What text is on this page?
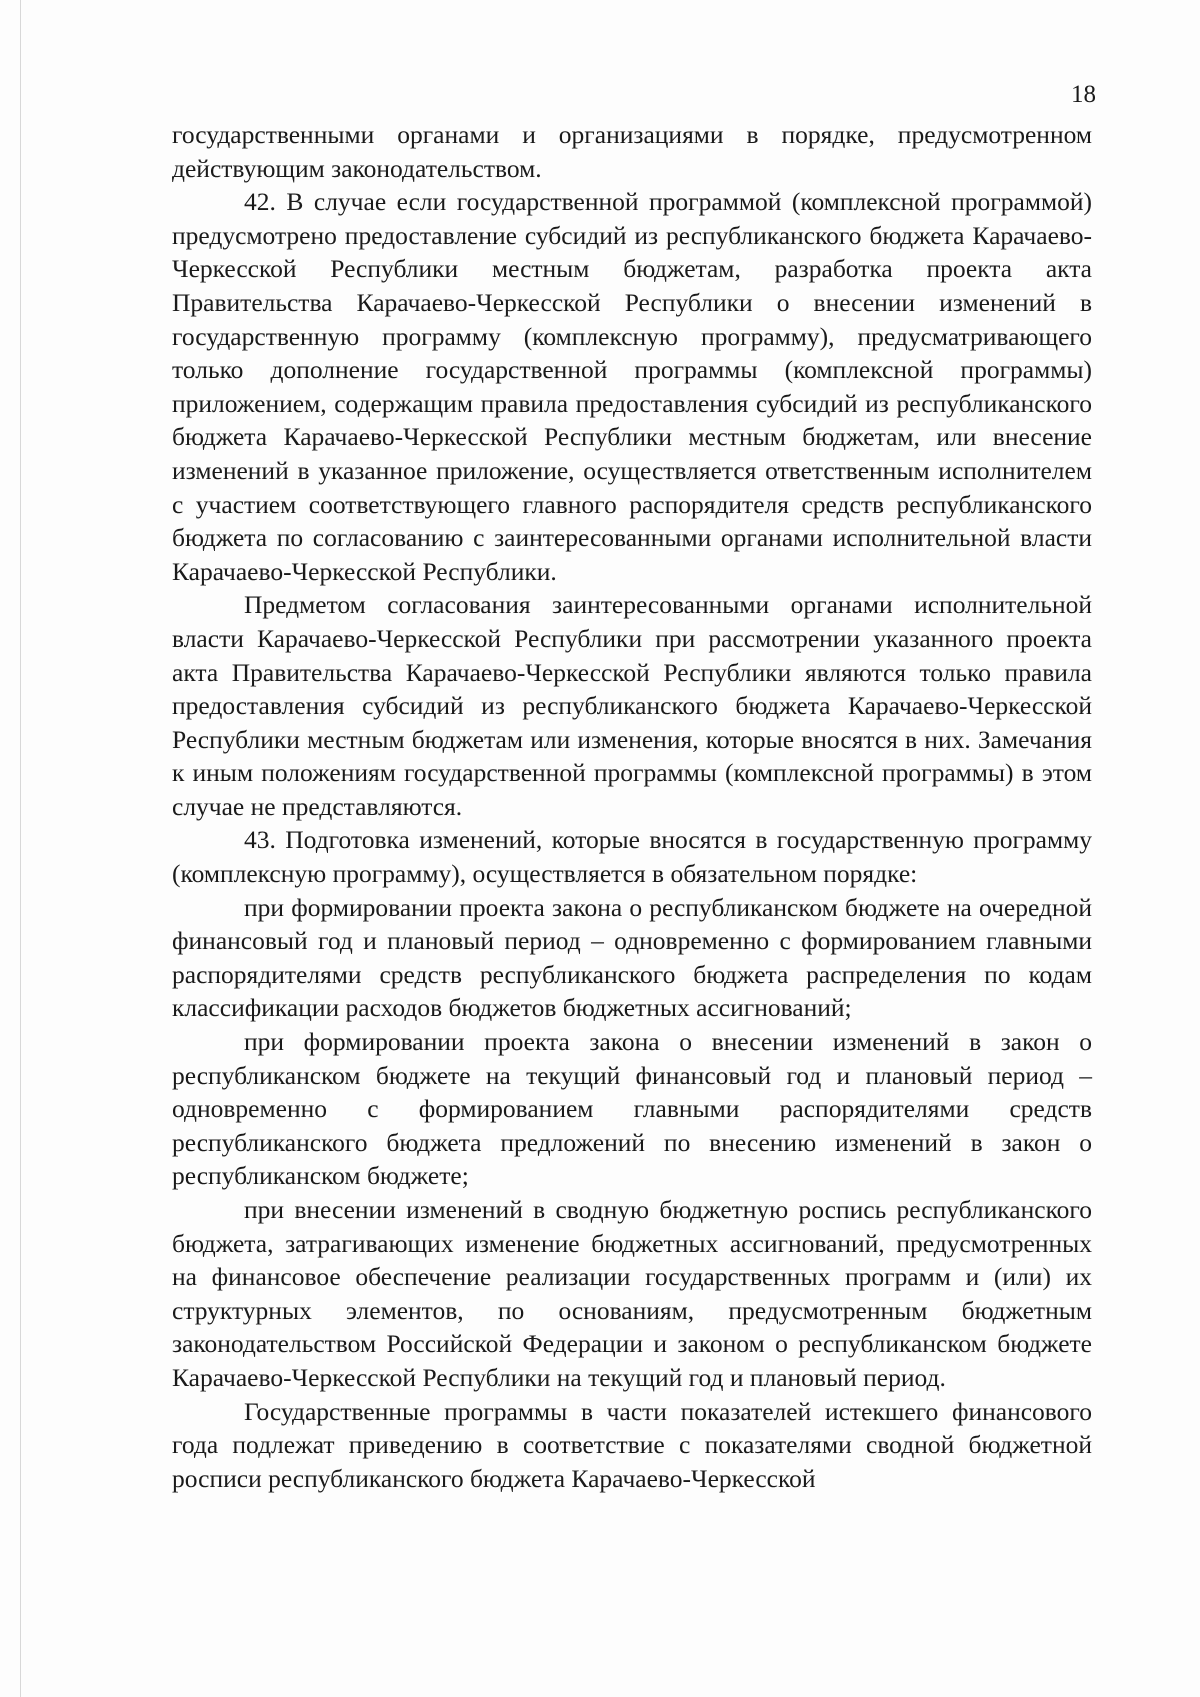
18

государственными органами и организациями в порядке, предусмотренном действующим законодательством.

42. В случае если государственной программой (комплексной программой) предусмотрено предоставление субсидий из республиканского бюджета Карачаево-Черкесской Республики местным бюджетам, разработка проекта акта Правительства Карачаево-Черкесской Республики о внесении изменений в государственную программу (комплексную программу), предусматривающего только дополнение государственной программы (комплексной программы) приложением, содержащим правила предоставления субсидий из республиканского бюджета Карачаево-Черкесской Республики местным бюджетам, или внесение изменений в указанное приложение, осуществляется ответственным исполнителем с участием соответствующего главного распорядителя средств республиканского бюджета по согласованию с заинтересованными органами исполнительной власти Карачаево-Черкесской Республики.

Предметом согласования заинтересованными органами исполнительной власти Карачаево-Черкесской Республики при рассмотрении указанного проекта акта Правительства Карачаево-Черкесской Республики являются только правила предоставления субсидий из республиканского бюджета Карачаево-Черкесской Республики местным бюджетам или изменения, которые вносятся в них. Замечания к иным положениям государственной программы (комплексной программы) в этом случае не представляются.

43. Подготовка изменений, которые вносятся в государственную программу (комплексную программу), осуществляется в обязательном порядке:

при формировании проекта закона о республиканском бюджете на очередной финансовый год и плановый период – одновременно с формированием главными распорядителями средств республиканского бюджета распределения по кодам классификации расходов бюджетов бюджетных ассигнований;

при формировании проекта закона о внесении изменений в закон о республиканском бюджете на текущий финансовый год и плановый период – одновременно с формированием главными распорядителями средств республиканского бюджета предложений по внесению изменений в закон о республиканском бюджете;

при внесении изменений в сводную бюджетную роспись республиканского бюджета, затрагивающих изменение бюджетных ассигнований, предусмотренных на финансовое обеспечение реализации государственных программ и (или) их структурных элементов, по основаниям, предусмотренным бюджетным законодательством Российской Федерации и законом о республиканском бюджете Карачаево-Черкесской Республики на текущий год и плановый период.

Государственные программы в части показателей истекшего финансового года подлежат приведению в соответствие с показателями сводной бюджетной росписи республиканского бюджета Карачаево-Черкесской
